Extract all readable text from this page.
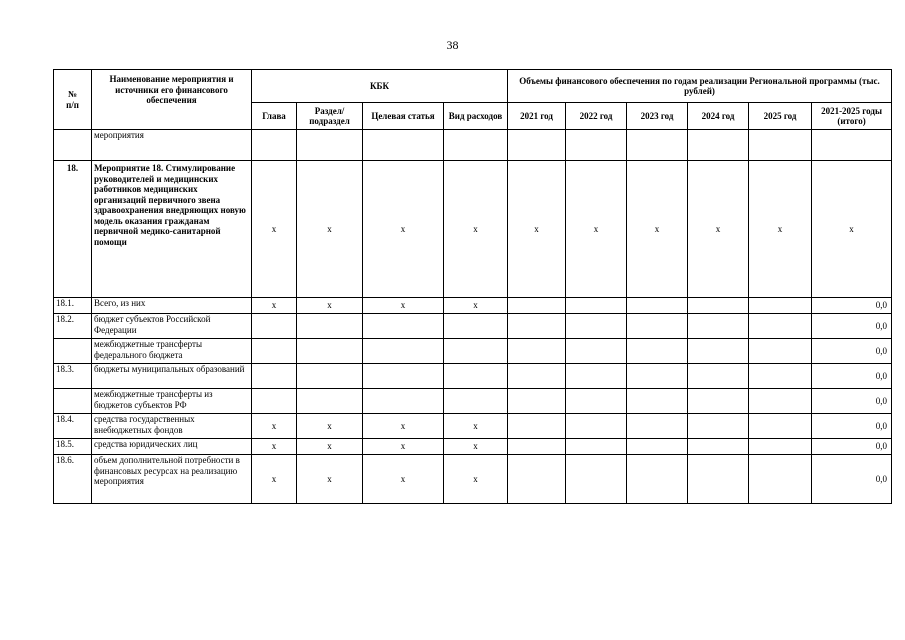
38
№
п/п	Наименование мероприятия и источники его финансового обеспечения	КБК				Объемы финансового обеспечения по годам реализации Региональной программы (тыс. рублей)					
		Глава	Раздел/ подраздел	Целевая статья	Вид расходов	2021 год	2022 год	2023 год	2024 год	2025 год	2021-2025 годы (итого)
	мероприятия										
18.	Мероприятие 18. Стимулирование руководителей и медицинских работников медицинских организаций первичного звена здравоохранения внедряющих новую модель оказания гражданам первичной медико-санитарной помощи	x	x	x	x	x	x	x	x	x	x
18.1.	Всего, из них	x	x	x	x						0,0
18.2.	бюджет субъектов Российской Федерации										0,0
	межбюджетные трансферты федерального бюджета										0,0
18.3.	бюджеты муниципальных образований										0,0
	межбюджетные трансферты из бюджетов субъектов РФ										0,0
18.4.	средства государственных внебюджетных фондов	x	x	x	x						0,0
18.5.	средства юридических лиц	x	x	x	x						0,0
18.6.	объем дополнительной потребности в финансовых ресурсах на реализацию мероприятия	x	x	x	x						0,0
